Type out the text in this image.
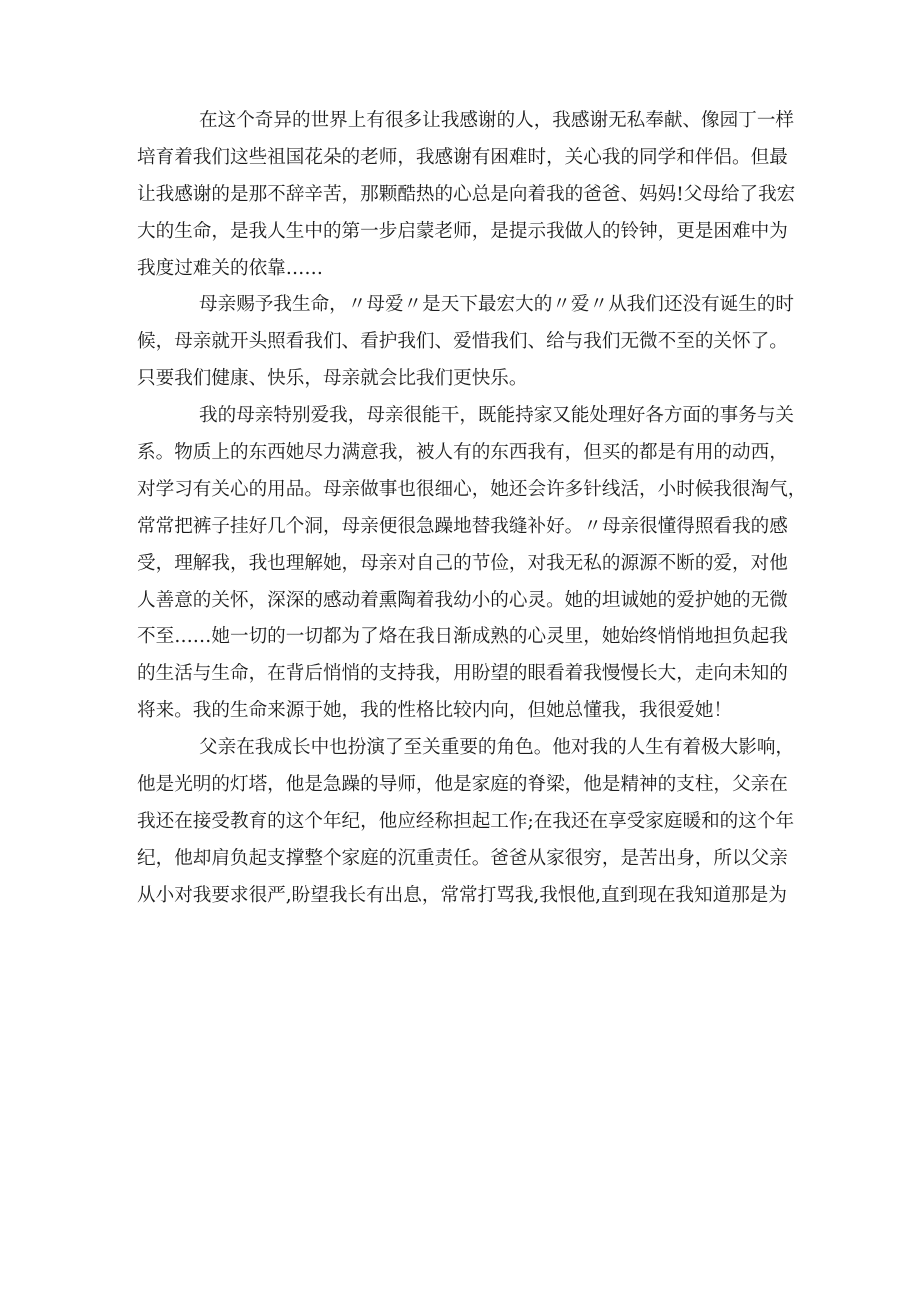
在这个奇异的世界上有很多让我感谢的人，我感谢无私奉献、像园丁一样
培育着我们这些祖国花朵的老师，我感谢有困难时，关心我的同学和伴侣。但最
让我感谢的是那不辞辛苦，那颗酷热的心总是向着我的爸爸、妈妈!父母给了我宏
大的生命，是我人生中的第一步启蒙老师，是提示我做人的铃钟，更是困难中为
我度过难关的依靠……
母亲赐予我生命，〃母爱〃是天下最宏大的〃爱〃从我们还没有诞生的时
候，母亲就开头照看我们、看护我们、爱惜我们、给与我们无微不至的关怀了。
只要我们健康、快乐，母亲就会比我们更快乐。
我的母亲特别爱我，母亲很能干，既能持家又能处理好各方面的事务与关
系。物质上的东西她尽力满意我，被人有的东西我有，但买的都是有用的动西，
对学习有关心的用品。母亲做事也很细心，她还会许多针线活，小时候我很淘气，
常常把裤子挂好几个洞，母亲便很急躁地替我缝补好。〃母亲很懂得照看我的感
受，理解我，我也理解她，母亲对自己的节俭，对我无私的源源不断的爱，对他
人善意的关怀，深深的感动着熏陶着我幼小的心灵。她的坦诚她的爱护她的无微
不至……她一切的一切都为了烙在我日渐成熟的心灵里，她始终悄悄地担负起我
的生活与生命，在背后悄悄的支持我，用盼望的眼看着我慢慢长大，走向未知的
将来。我的生命来源于她，我的性格比较内向，但她总懂我，我很爱她！
父亲在我成长中也扮演了至关重要的角色。他对我的人生有着极大影响，
他是光明的灯塔，他是急躁的导师，他是家庭的脊梁，他是精神的支柱，父亲在
我还在接受教育的这个年纪，他应经称担起工作;在我还在享受家庭暖和的这个年
纪，他却肩负起支撑整个家庭的沉重责任。爸爸从家很穷，是苦出身，所以父亲
从小对我要求很严,盼望我长有出息，常常打骂我,我恨他,直到现在我知道那是为
